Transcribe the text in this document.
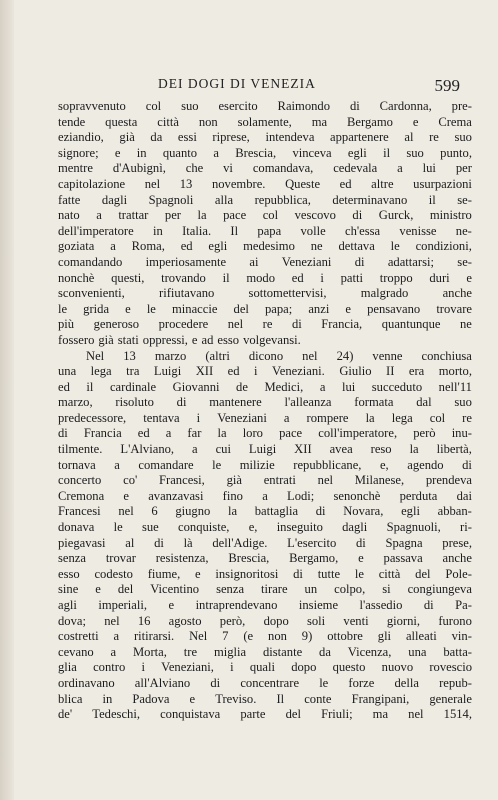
DEI DOGI DI VENEZIA	599
sopravvenuto col suo esercito Raimondo di Cardonna, pre-
tende questa città non solamente, ma Bergamo e Crema
eziandio, già da essi riprese, intendeva appartenere al re suo
signore; e in quanto a Brescia, vinceva egli il suo punto,
mentre d'Aubignì, che vi comandava, cedevala a lui per
capitolazione nel 13 novembre. Queste ed altre usurpazioni
fatte dagli Spagnoli alla repubblica, determinavano il se-
nato a trattar per la pace col vescovo di Gurck, ministro
dell'imperatore in Italia. Il papa volle ch'essa venisse ne-
goziata a Roma, ed egli medesimo ne dettava le condizioni,
comandando imperiosamente ai Veneziani di adattarsi; se-
nonchè questi, trovando il modo ed i patti troppo duri e
sconvenienti,	rifiutavano	sottomettervisi,	malgrado	anche
le grida e le minaccie del papa; anzi e pensavano trovare
più generoso procedere nel re di Francia, quantunque ne
fossero già stati oppressi, e ad esso volgevansi.
Nel 13 marzo (altri dicono nel 24) venne conchiusa
una lega tra Luigi XII ed i Veneziani. Giulio II era morto,
ed il cardinale Giovanni de Medici, a lui succeduto nell'11
marzo, risoluto di mantenere l'alleanza formata dal suo
predecessore, tentava i Veneziani a rompere la lega col re
di Francia ed a far la loro pace coll'imperatore, però inu-
tilmente. L'Alviano, a cui Luigi XII avea reso la libertà,
tornava a comandare le milizie repubblicane, e, agendo di
concerto co' Francesi, già entrati nel Milanese, prendeva
Cremona e avanzavasi fino a Lodi; senonchè perduta dai
Francesi nel 6 giugno la battaglia di Novara, egli abban-
donava le sue conquiste, e, inseguito dagli Spagnuoli, ri-
piegavasi al di là dell'Adige. L'esercito di Spagna prese,
senza trovar resistenza, Brescia, Bergamo, e passava anche
esso codesto fiume, e insignoritosi di tutte le città del Pole-
sine e del Vicentino senza tirare un colpo, si congiungeva
agli imperiali, e intraprendevano insieme l'assedio di Pa-
dova; nel 16 agosto però, dopo soli venti giorni, furono
costretti a ritirarsi. Nel 7 (e non 9) ottobre gli alleati vin-
cevano a Morta, tre miglia distante da Vicenza, una batta-
glia contro i Veneziani, i quali dopo questo nuovo rovescio
ordinavano all'Alviano di concentrare le forze della repub-
blica in Padova e Treviso. Il conte Frangipani, generale
de' Tedeschi, conquistava parte del Friuli; ma nel 1514,
